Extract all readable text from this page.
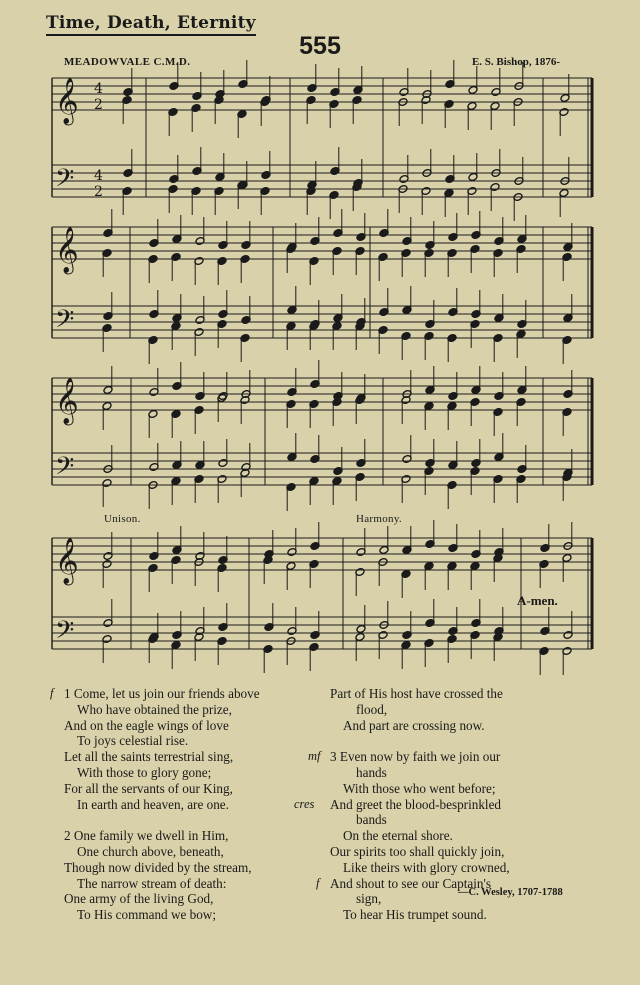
Time, Death, Eternity
555
MEADOWVALE C.M.D.	E. S. Bishop, 1876-
𝄞
𝄢
4
2
4
2
𝄞
𝄢
𝄞
𝄢
𝄞
𝄢
Unison.	Harmony.
A-men.
f 1 Come, let us join our friends above
Who have obtained the prize,
And on the eagle wings of love
To joys celestial rise.
Let all the saints terrestrial sing,
With those to glory gone;
For all the servants of our King,
In earth and heaven, are one.

2 One family we dwell in Him,
One church above, beneath,
Though now divided by the stream,
The narrow stream of death:
One army of the living God,
To His command we bow;
Part of His host have crossed the
flood,
And part are crossing now.

mf 3 Even now by faith we join our
hands
With those who went before;
cres And greet the blood-besprinkled
bands
On the eternal shore.
Our spirits too shall quickly join,
Like theirs with glory crowned,
f And shout to see our Captain's
sign,
To hear His trumpet sound.
—C. Wesley, 1707-1788
